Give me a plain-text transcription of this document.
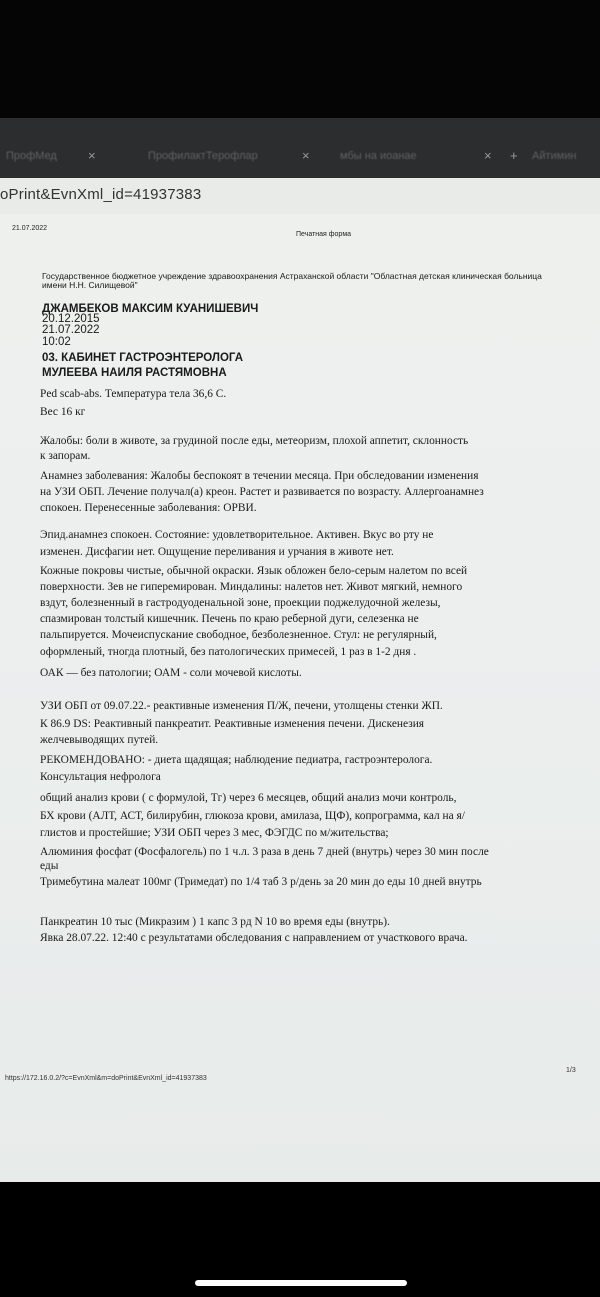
ПрофМед ×	ПрофилактТерофлар	×	мбы на иоанае	× + Айтимин
oPrint&EvnXml_id=41937383
21.07.2022
Печатная форма
Государственное бюджетное учреждение здравоохранения Астраханской области "Областная детская клиническая больница имени Н.Н. Силищевой"
ДЖАМБЕКОВ МАКСИМ КУАНИШЕВИЧ
20.12.2015
21.07.2022
10:02
03. КАБИНЕТ ГАСТРОЭНТЕРОЛОГА
МУЛЕЕВА НАИЛЯ РАСТЯМОВНА
Ped scab-abs. Температура тела 36,6 С.
Вес 16 кг
Жалобы: боли в животе, за грудиной после еды, метеоризм, плохой аппетит, склонность
к запорам.
Анамнез заболевания: Жалобы беспокоят в течении месяца. При обследовании изменения
на УЗИ ОБП. Лечение получал(а) креон. Растет и развивается по возрасту. Аллергоанамнез
спокоен. Перенесенные заболевания: ОРВИ.
Эпид.анамнез спокоен. Состояние: удовлетворительное. Активен. Вкус во рту не
изменен. Дисфагии нет. Ощущение переливания и урчания в животе нет.
Кожные покровы чистые, обычной окраски. Язык обложен бело-серым налетом по всей
поверхности. Зев не гиперемирован. Миндалины: налетов нет. Живот мягкий, немного
вздут, болезненный в гастродуоденальной зоне, проекции поджелудочной железы,
спазмирован толстый кишечник. Печень по краю реберной дуги, селезенка не
пальпируется. Мочеиспускание свободное, безболезненное. Стул: не регулярный,
оформленый, тногда плотный, без патологических примесей, 1 раз в 1-2 дня .
ОАК — без патологии; ОАМ - соли мочевой кислоты.
УЗИ ОБП от 09.07.22.- реактивные изменения П/Ж, печени, утолщены стенки ЖП.
К 86.9 DS: Реактивный панкреатит. Реактивные изменения печени. Дискенезия
желчевыводящих путей.
РЕКОМЕНДОВАНО: - диета щадящая; наблюдение педиатра, гастроэнтеролога.
Консультация нефролога
общий анализ крови ( с формулой, Тг) через 6 месяцев, общий анализ мочи контроль,
БХ крови (АЛТ, АСТ, билирубин, глюкоза крови, амилаза, ЩФ), копрограмма, кал на я/
глистов и простейшие; УЗИ ОБП через 3 мес, ФЭГДС по м/жительства;
Алюминия фосфат (Фосфалогель) по 1 ч.л. 3 раза в день 7 дней (внутрь) через 30 мин после
еды
Тримебутина малеат 100мг (Тримедат) по 1/4 таб 3 р/день за 20 мин до еды 10 дней внутрь
Панкреатин 10 тыс (Микразим ) 1 капс 3 рд N 10 во время еды (внутрь).
Явка 28.07.22. 12:40 с результатами обследования с направлением от участкового врача.
https://172.16.0.2/?c=EvnXml&m=doPrint&EvnXml_id=41937383
1/3
